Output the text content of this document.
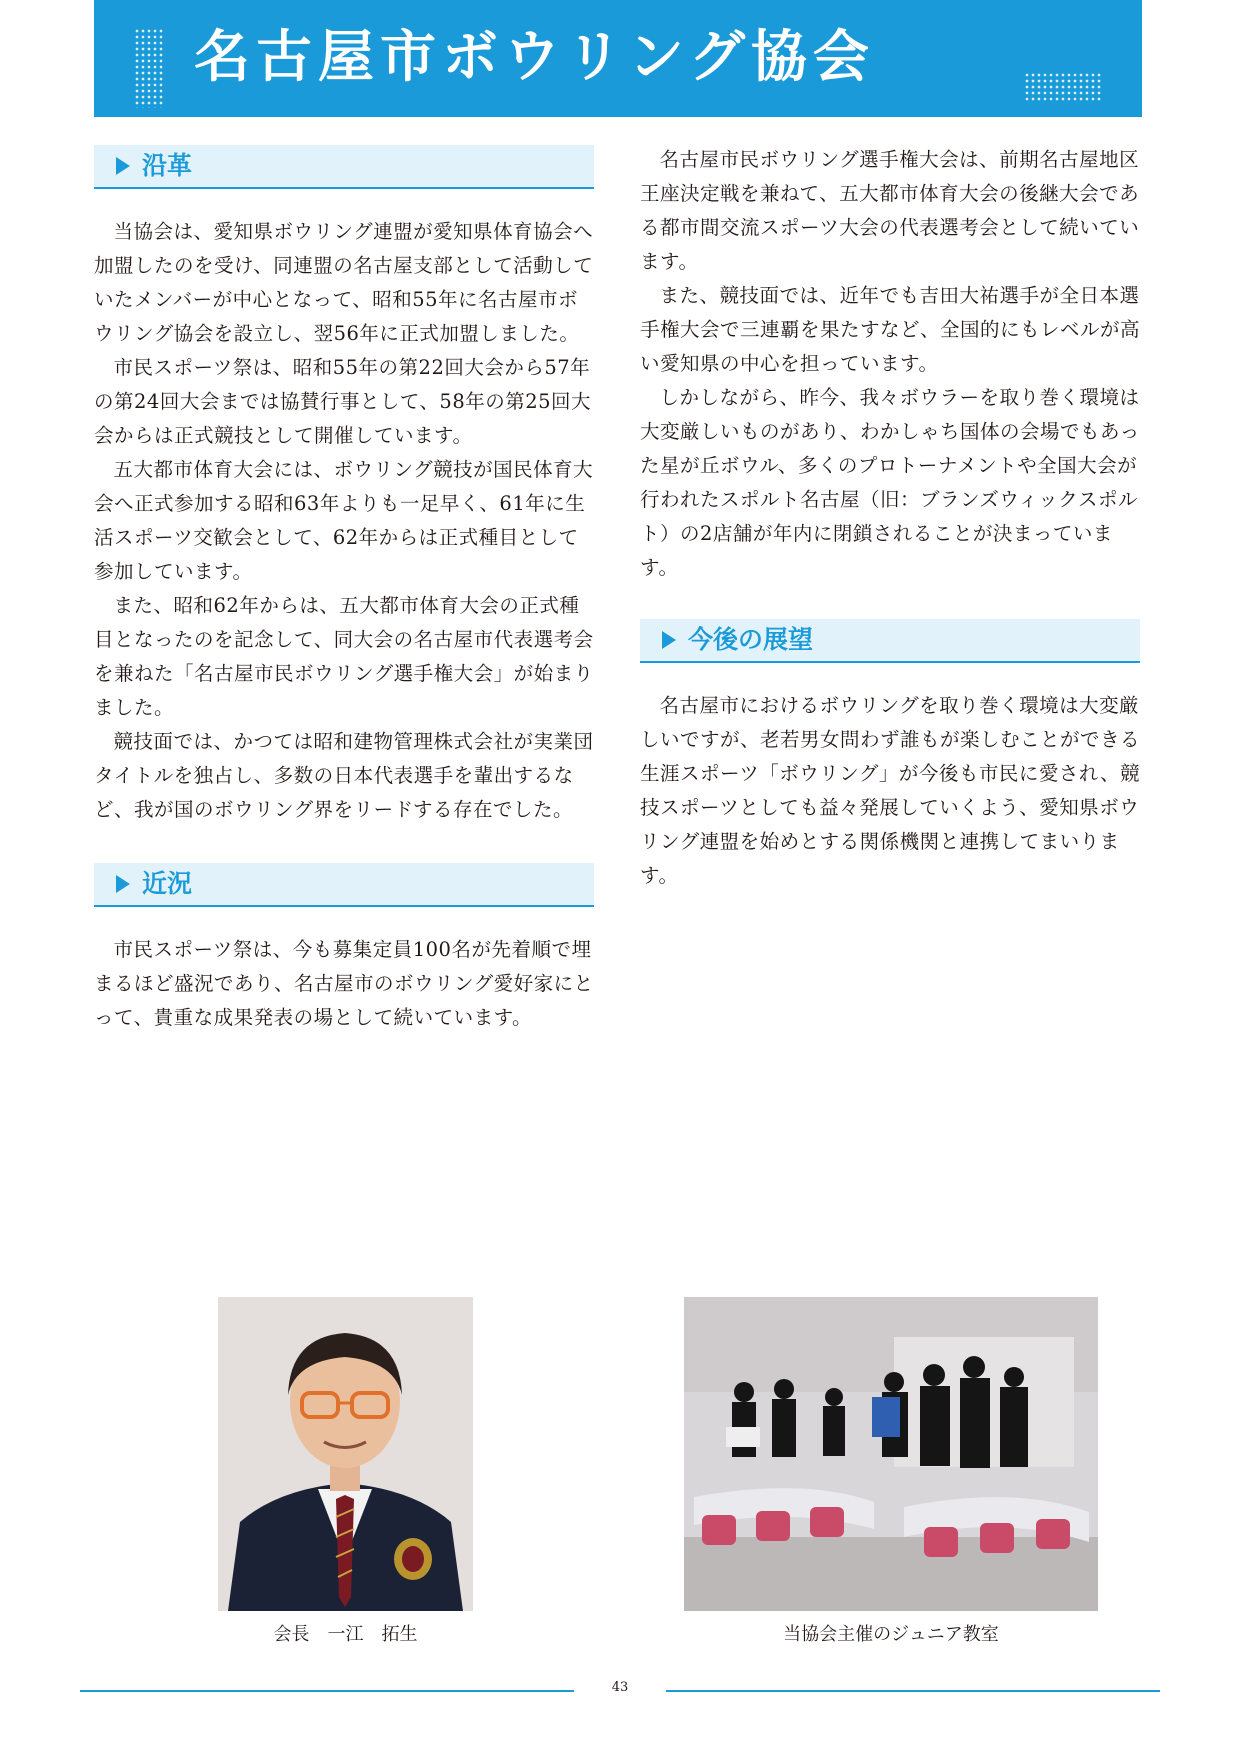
名古屋市ボウリング協会
沿革

当協会は、愛知県ボウリング連盟が愛知県体育協会へ加盟したのを受け、同連盟の名古屋支部として活動していたメンバーが中心となって、昭和55年に名古屋市ボウリング協会を設立し、翌56年に正式加盟しました。

市民スポーツ祭は、昭和55年の第22回大会から57年の第24回大会までは協賛行事として、58年の第25回大会からは正式競技として開催しています。

五大都市体育大会には、ボウリング競技が国民体育大会へ正式参加する昭和63年よりも一足早く、61年に生活スポーツ交歓会として、62年からは正式種目として参加しています。

また、昭和62年からは、五大都市体育大会の正式種目となったのを記念して、同大会の名古屋市代表選考会を兼ねた「名古屋市民ボウリング選手権大会」が始まりました。

競技面では、かつては昭和建物管理株式会社が実業団タイトルを独占し、多数の日本代表選手を輩出するなど、我が国のボウリング界をリードする存在でした。

近況

市民スポーツ祭は、今も募集定員100名が先着順で埋まるほど盛況であり、名古屋市のボウリング愛好家にとって、貴重な成果発表の場として続いています。

名古屋市民ボウリング選手権大会は、前期名古屋地区王座決定戦を兼ねて、五大都市体育大会の後継大会である都市間交流スポーツ大会の代表選考会として続いています。

また、競技面では、近年でも吉田大祐選手が全日本選手権大会で三連覇を果たすなど、全国的にもレベルが高い愛知県の中心を担っています。

しかしながら、昨今、我々ボウラーを取り巻く環境は大変厳しいものがあり、わかしゃち国体の会場でもあった星が丘ボウル、多くのプロトーナメントや全国大会が行われたスポルト名古屋（旧：ブランズウィックスポルト）の2店舗が年内に閉鎖されることが決まっています。

今後の展望

名古屋市におけるボウリングを取り巻く環境は大変厳しいですが、老若男女問わず誰もが楽しむことができる生涯スポーツ「ボウリング」が今後も市民に愛され、競技スポーツとしても益々発展していくよう、愛知県ボウリング連盟を始めとする関係機関と連携してまいります。

会長　一江　拓生	当協会主催のジュニア教室
43
